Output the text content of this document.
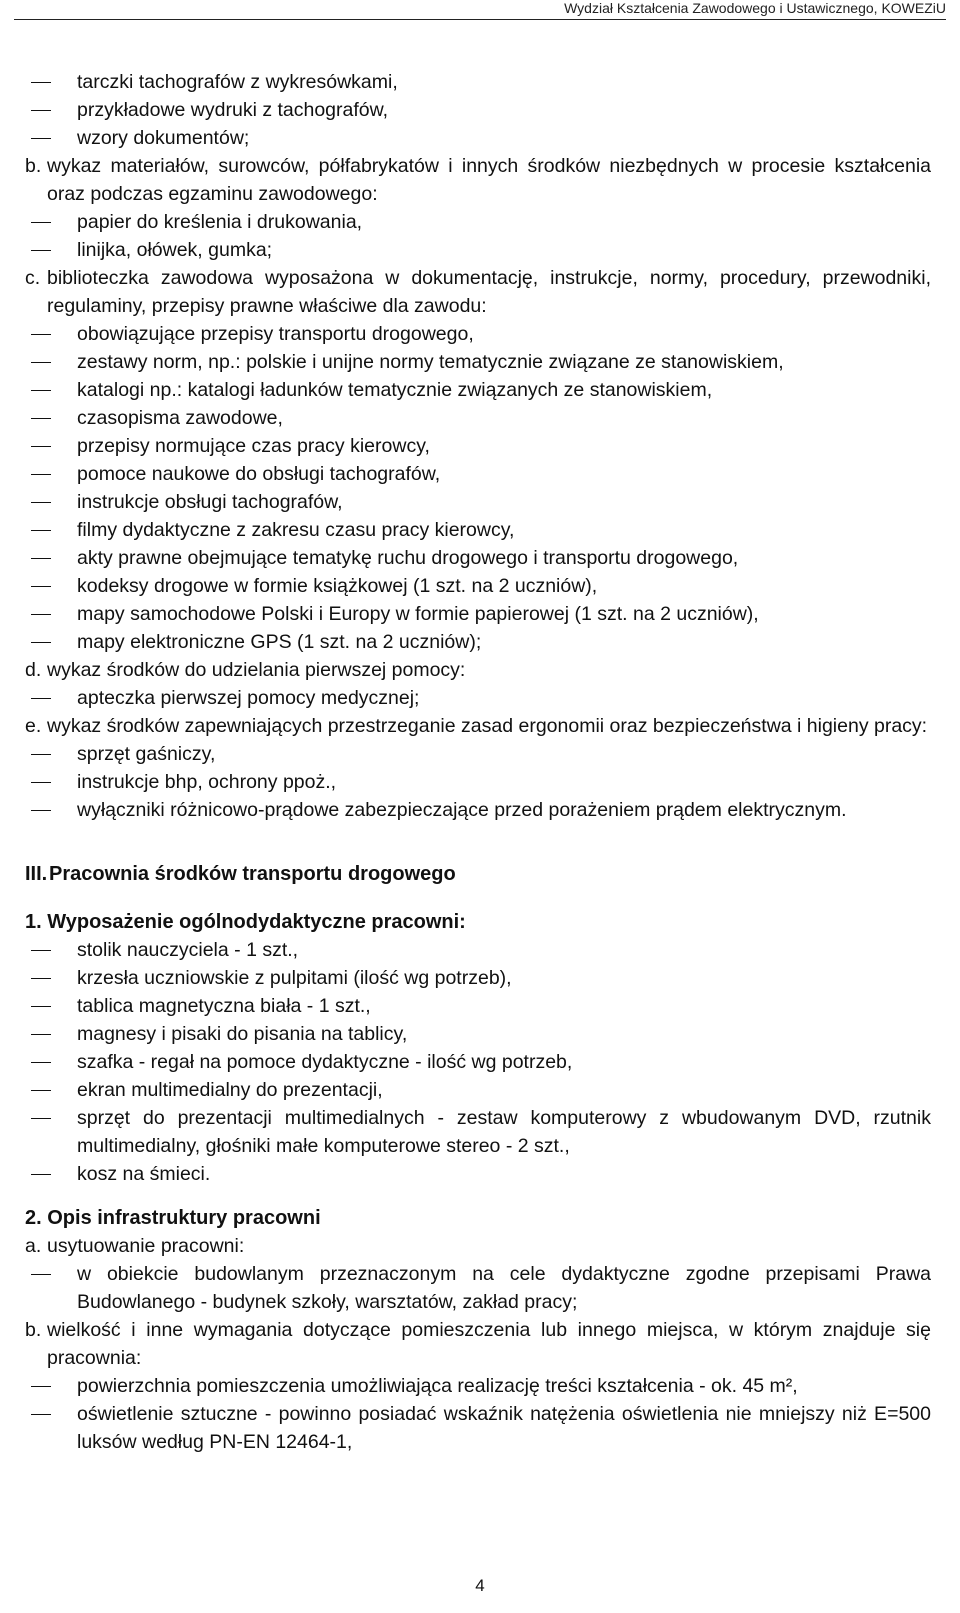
Wydział Kształcenia Zawodowego i Ustawicznego, KOWEZiU
tarczki tachografów z wykresówkami,
przykładowe wydruki z tachografów,
wzory dokumentów;
b. wykaz materiałów, surowców, półfabrykatów i innych środków niezbędnych w procesie kształcenia oraz podczas egzaminu zawodowego:
papier do kreślenia i drukowania,
linijka, ołówek, gumka;
c. biblioteczka zawodowa wyposażona w dokumentację, instrukcje, normy, procedury, przewodniki, regulaminy, przepisy prawne właściwe dla zawodu:
obowiązujące przepisy transportu drogowego,
zestawy norm, np.: polskie i unijne normy tematycznie związane ze stanowiskiem,
katalogi np.: katalogi ładunków tematycznie związanych ze stanowiskiem,
czasopisma zawodowe,
przepisy normujące czas pracy kierowcy,
pomoce naukowe do obsługi tachografów,
instrukcje obsługi tachografów,
filmy dydaktyczne z zakresu czasu pracy kierowcy,
akty prawne obejmujące tematykę ruchu drogowego i transportu drogowego,
kodeksy drogowe w formie książkowej (1 szt. na 2 uczniów),
mapy samochodowe Polski i Europy w formie papierowej (1 szt. na 2 uczniów),
mapy elektroniczne GPS (1 szt. na 2 uczniów);
d. wykaz środków do udzielania pierwszej pomocy:
apteczka pierwszej pomocy medycznej;
e. wykaz środków zapewniających przestrzeganie zasad ergonomii oraz bezpieczeństwa i higieny pracy:
sprzęt gaśniczy,
instrukcje bhp, ochrony ppoż.,
wyłączniki różnicowo-prądowe zabezpieczające przed porażeniem prądem elektrycznym.
III. Pracownia środków transportu drogowego
1. Wyposażenie ogólnodydaktyczne pracowni:
stolik nauczyciela - 1 szt.,
krzesła uczniowskie z pulpitami (ilość wg potrzeb),
tablica magnetyczna biała - 1 szt.,
magnesy i pisaki do pisania na tablicy,
szafka - regał na pomoce dydaktyczne - ilość wg potrzeb,
ekran multimedialny do prezentacji,
sprzęt do prezentacji multimedialnych - zestaw komputerowy z wbudowanym DVD, rzutnik multimedialny, głośniki małe komputerowe stereo - 2 szt.,
kosz na śmieci.
2. Opis infrastruktury pracowni
a. usytuowanie pracowni:
w obiekcie budowlanym przeznaczonym na cele dydaktyczne zgodne przepisami Prawa Budowlanego - budynek szkoły, warsztatów, zakład pracy;
b. wielkość i inne wymagania dotyczące pomieszczenia lub innego miejsca, w którym znajduje się pracownia:
powierzchnia pomieszczenia umożliwiająca realizację treści kształcenia - ok. 45 m²,
oświetlenie sztuczne - powinno posiadać wskaźnik natężenia oświetlenia nie mniejszy niż E=500 luksów według PN-EN 12464-1,
4
